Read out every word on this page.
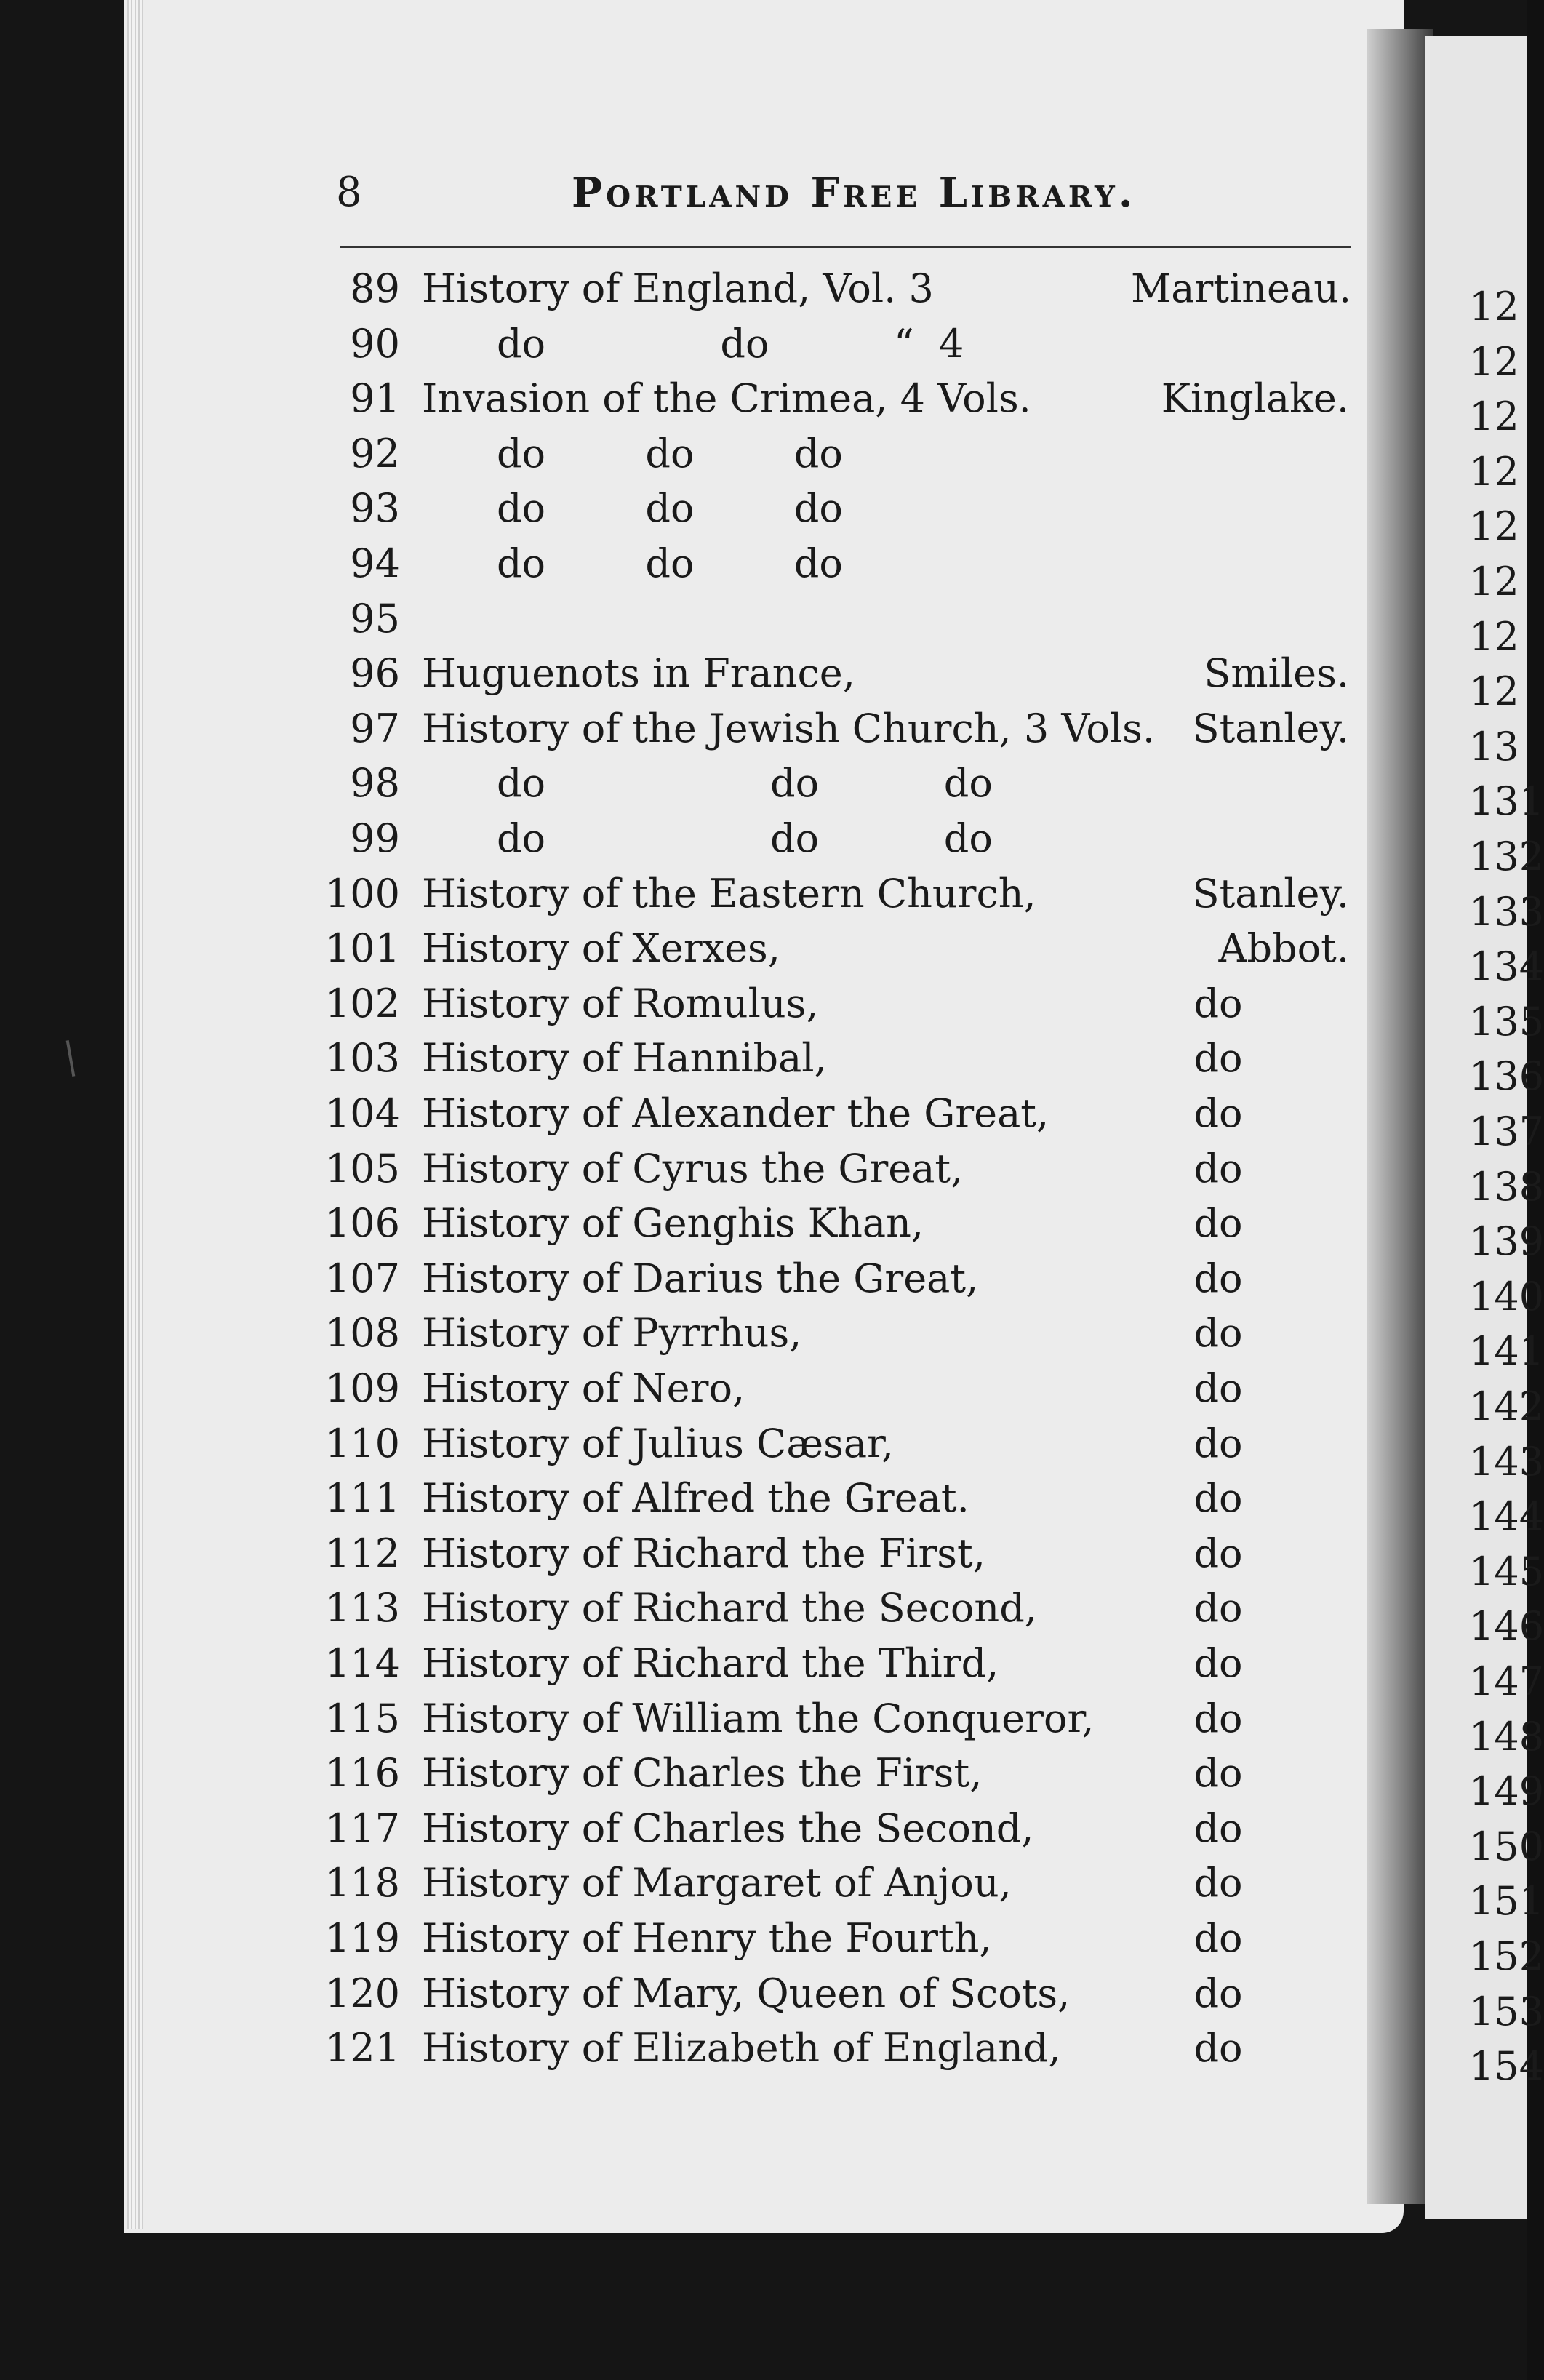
8	Portland Free Library.
89 History of England, Vol. 3	Martineau.
90 do              do          “  4
91 Invasion of the Crimea, 4 Vols.	Kinglake.
92 do        do        do
93 do        do        do
94 do        do        do
95
96 Huguenots in France,	Smiles.
97 History of the Jewish Church, 3 Vols. Stanley.
98 do                  do          do
99 do                  do          do
100 History of the Eastern Church,	Stanley.
101 History of Xerxes,	Abbot.
102 History of Romulus,	do
103 History of Hannibal,	do
104 History of Alexander the Great,	do
105 History of Cyrus the Great,	do
106 History of Genghis Khan,	do
107 History of Darius the Great,	do
108 History of Pyrrhus,	do
109 History of Nero,	do
110 History of Julius Cæsar,	do
111 History of Alfred the Great.	do
112 History of Richard the First,	do
113 History of Richard the Second,	do
114 History of Richard the Third,	do
115 History of William the Conqueror,	do
116 History of Charles the First,	do
117 History of Charles the Second,	do
118 History of Margaret of Anjou,	do
119 History of Henry the Fourth,	do
120 History of Mary, Queen of Scots,	do
121 History of Elizabeth of England,	do
12
12
12
12
12
12
12
12
13
131
132
133
134
135
136
137
138
139
140
141
142
143
144
145
146
147
148
149
150
151
152
153
154
